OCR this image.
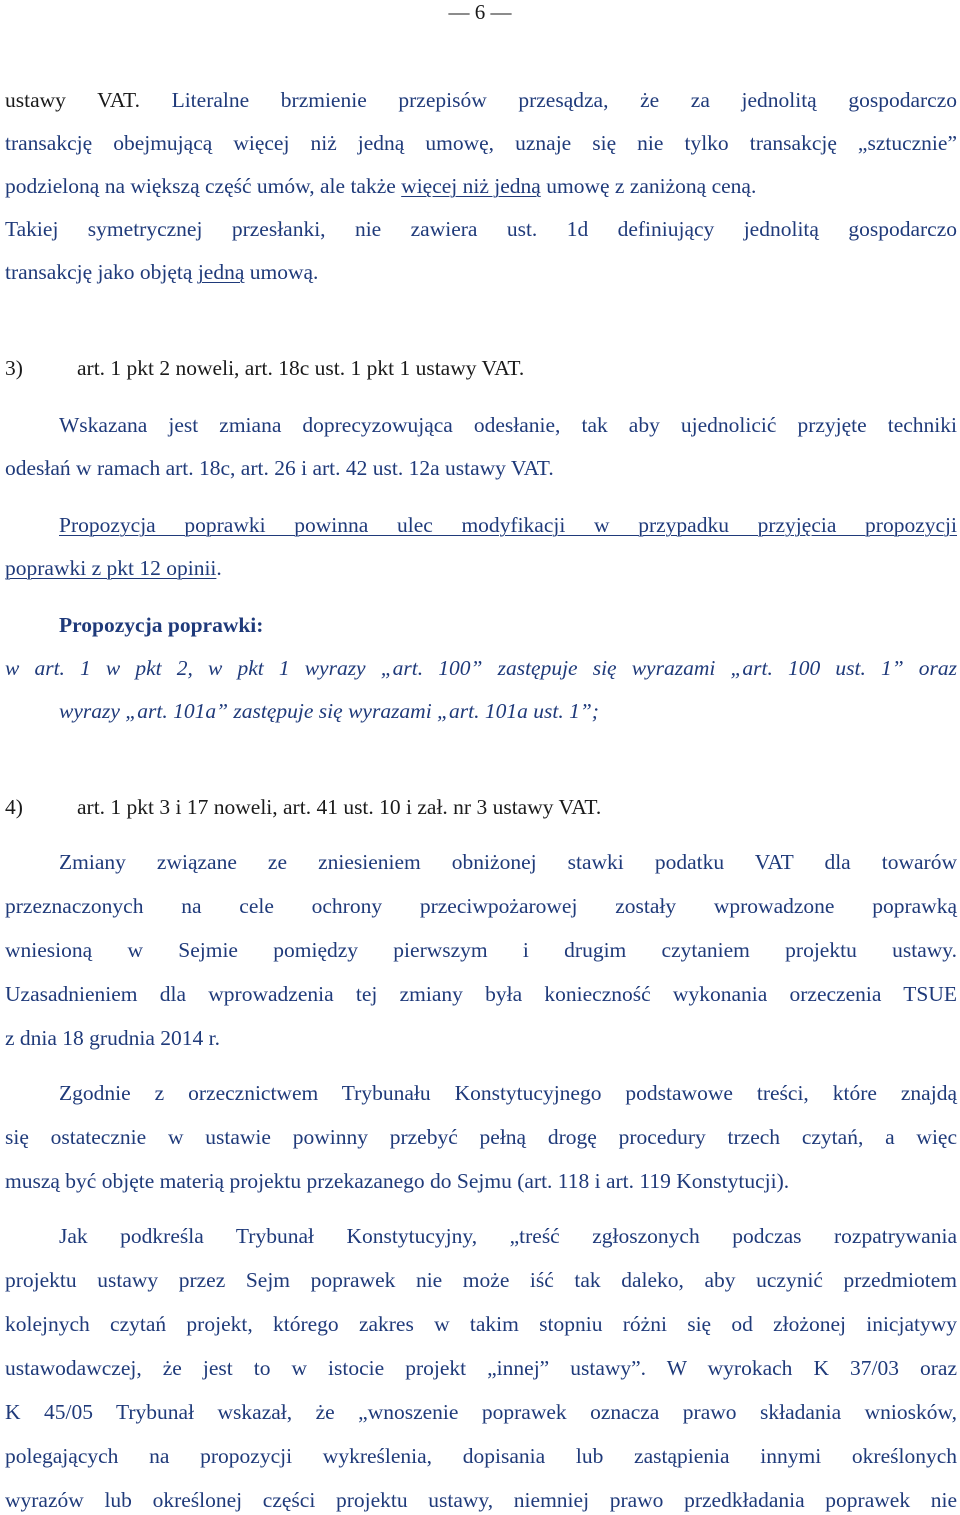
— 6 —
ustawy VAT. Literalne brzmienie przepisów przesądza, że za jednolitą gospodarczo
transakcję obejmującą więcej niż jedną umowę, uznaje się nie tylko transakcję „sztucznie”
podzieloną na większą część umów, ale także więcej niż jedną umowę z zaniżoną ceną.
Takiej symetrycznej przesłanki, nie zawiera ust. 1d definiujący jednolitą gospodarczo
transakcję jako objętą jedną umową.
3)	art. 1 pkt 2 noweli, art. 18c ust. 1 pkt 1 ustawy VAT.
Wskazana jest zmiana doprecyzowująca odesłanie, tak aby ujednolicić przyjęte techniki
odesłań w ramach art. 18c, art. 26 i art. 42 ust. 12a ustawy VAT.
Propozycja poprawki powinna ulec modyfikacji w przypadku przyjęcia propozycji
poprawki z pkt 12 opinii.
Propozycja poprawki:
w art. 1 w pkt 2, w pkt 1 wyrazy „art. 100” zastępuje się wyrazami „art. 100 ust. 1” oraz
wyrazy „art. 101a” zastępuje się wyrazami „art. 101a ust. 1”;
4)	art. 1 pkt 3 i 17 noweli, art. 41 ust. 10 i zał. nr 3 ustawy VAT.
Zmiany związane ze zniesieniem obniżonej stawki podatku VAT dla towarów
przeznaczonych na cele ochrony przeciwpożarowej zostały wprowadzone poprawką
wniesioną w Sejmie pomiędzy pierwszym i drugim czytaniem projektu ustawy.
Uzasadnieniem dla wprowadzenia tej zmiany była konieczność wykonania orzeczenia TSUE
z dnia 18 grudnia 2014 r.
Zgodnie z orzecznictwem Trybunału Konstytucyjnego podstawowe treści, które znajdą
się ostatecznie w ustawie powinny przebyć pełną drogę procedury trzech czytań, a więc
muszą być objęte materią projektu przekazanego do Sejmu (art. 118 i art. 119 Konstytucji).
Jak podkreśla Trybunał Konstytucyjny, „treść zgłoszonych podczas rozpatrywania
projektu ustawy przez Sejm poprawek nie może iść tak daleko, aby uczynić przedmiotem
kolejnych czytań projekt, którego zakres w takim stopniu różni się od złożonej inicjatywy
ustawodawczej, że jest to w istocie projekt „innej” ustawy”. W wyrokach K 37/03 oraz
K 45/05 Trybunał wskazał, że „wnoszenie poprawek oznacza prawo składania wniosków,
polegających na propozycji wykreślenia, dopisania lub zastąpienia innymi określonych
wyrazów lub określonej części projektu ustawy, niemniej prawo przedkładania poprawek nie
